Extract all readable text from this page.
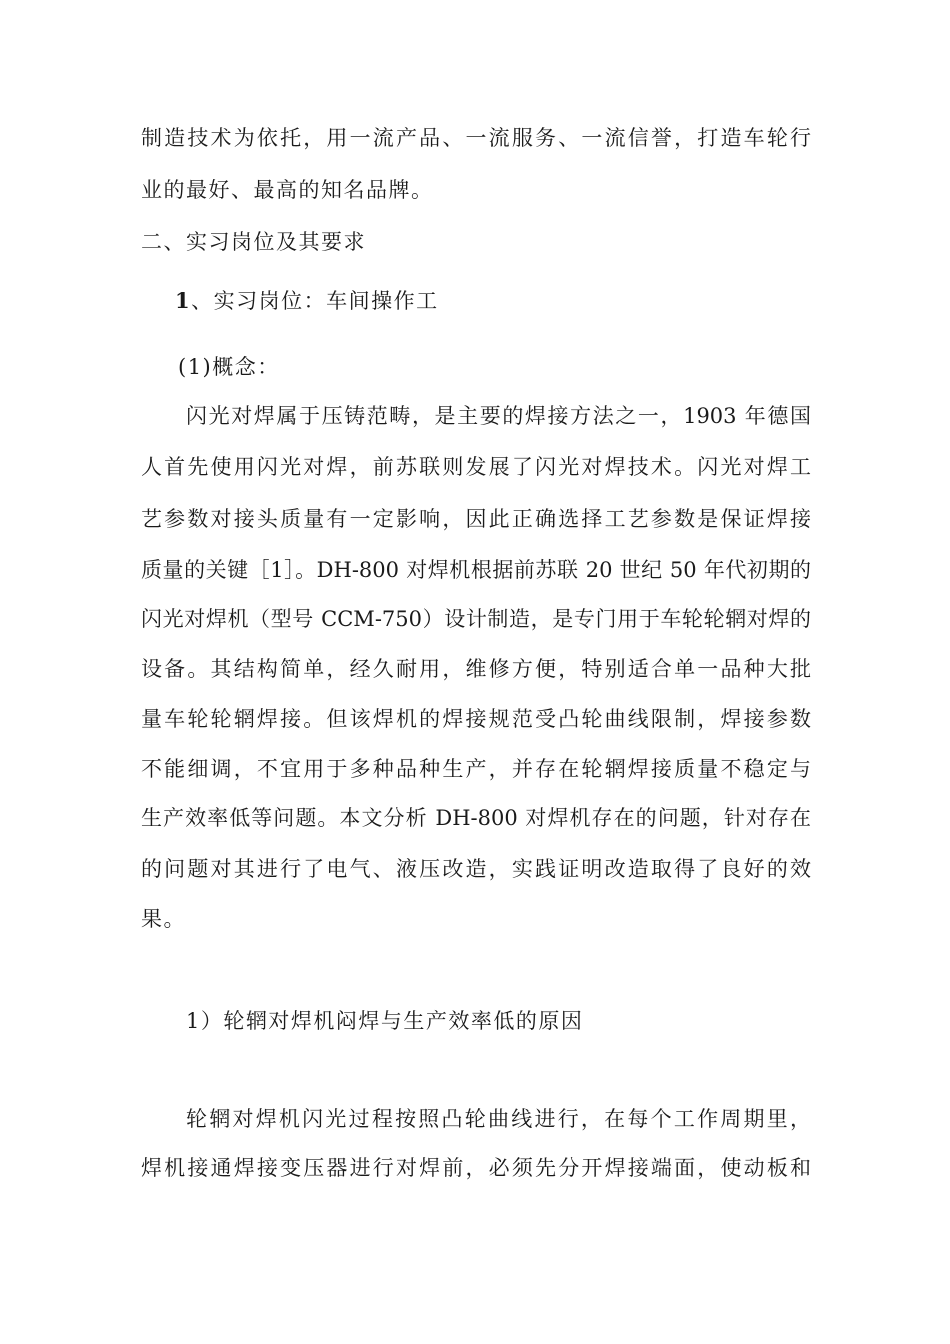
制造技术为依托，用一流产品、一流服务、一流信誉，打造车轮行
业的最好、最高的知名品牌。
二、实习岗位及其要求
1、实习岗位：车间操作工
(1)概念：
闪光对焊属于压铸范畴，是主要的焊接方法之一，1903 年德国
人首先使用闪光对焊，前苏联则发展了闪光对焊技术。闪光对焊工
艺参数对接头质量有一定影响，因此正确选择工艺参数是保证焊接
质量的关键［1］。DH-800 对焊机根据前苏联 20 世纪 50 年代初期的
闪光对焊机（型号 CCM-750）设计制造，是专门用于车轮轮辋对焊的
设备。其结构简单，经久耐用，维修方便，特别适合单一品种大批
量车轮轮辋焊接。但该焊机的焊接规范受凸轮曲线限制，焊接参数
不能细调，不宜用于多种品种生产，并存在轮辋焊接质量不稳定与
生产效率低等问题。本文分析 DH-800 对焊机存在的问题，针对存在
的问题对其进行了电气、液压改造，实践证明改造取得了良好的效
果。
1）轮辋对焊机闷焊与生产效率低的原因
轮辋对焊机闪光过程按照凸轮曲线进行，在每个工作周期里，
焊机接通焊接变压器进行对焊前，必须先分开焊接端面，使动板和
